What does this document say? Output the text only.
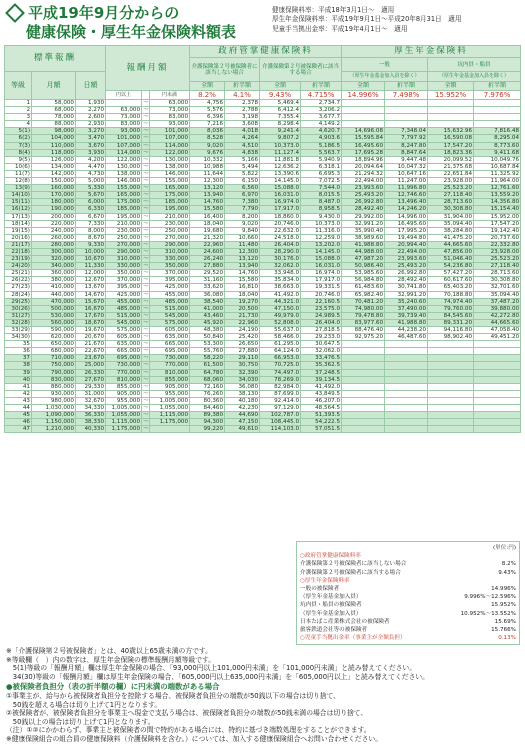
平成19年9月分からの
健康保険・厚生年金保険料額表
健康保険料率：平成18年3月1日～　適用
厚生年金保険料率：平成19年9月1日～平成20年8月31日　適用
児童手当拠出金率：平成19年4月1日～　適用
標準報酬			報酬月額			政府管掌健康保険料				厚生年金保険料			
						介護保険第２号被保険者に該当しない場合		介護保険第２号被保険者に該当する場合		一般		坑内員・船員	
等級	月額	日額								（厚生年金基金加入員を除く）		（厚生年金基金加入員を除く）	
						全額	折半額	全額	折半額	全額	折半額	全額	折半額
			円以上		円未満	8.2%	4.1%	9.43%	4.715%	14.996%	7.498%	15.952%	7.976%
1	58,000	1,930		～	63,000	4,756	2,378	5,469.4	2,734.7				
2	68,000	2,270	63,000	～	73,000	5,576	2,788	6,412.4	3,206.2				
3	78,000	2,600	73,000	～	83,000	6,396	3,198	7,355.4	3,677.7				
4	88,000	2,930	83,000	～	93,000	7,216	3,608	8,298.4	4,149.2				
5(1)	98,000	3,270	93,000	～	101,000	8,036	4,018	9,241.4	4,620.7	14,696.08	7,348.04	15,632.96	7,816.48
6(2)	104,000	3,470	101,000	～	107,000	8,528	4,264	9,807.2	4,903.6	15,595.84	7,797.92	16,590.08	8,295.04
7(3)	110,000	3,670	107,000	～	114,000	9,020	4,510	10,373.0	5,186.5	16,495.60	8,247.80	17,547.20	8,773.60
8(4)	118,000	3,930	114,000	～	122,000	9,676	4,838	11,127.4	5,563.7	17,695.28	8,847.64	18,823.36	9,411.68
9(5)	126,000	4,200	122,000	～	130,000	10,332	5,166	11,881.8	5,940.9	18,894.96	9,447.48	20,099.52	10,049.76
10(6)	134,000	4,470	130,000	～	138,000	10,988	5,494	12,636.2	6,318.1	20,094.64	10,047.32	21,375.68	10,687.84
11(7)	142,000	4,730	138,000	～	146,000	11,644	5,822	13,390.6	6,695.3	21,294.32	10,647.16	22,651.84	11,325.92
12(8)	150,000	5,000	146,000	～	155,000	12,300	6,150	14,145.0	7,072.5	22,494.00	11,247.00	23,928.00	11,964.00
13(9)	160,000	5,330	155,000	～	165,000	13,120	6,560	15,088.0	7,544.0	23,993.60	11,996.80	25,523.20	12,761.60
14(10)	170,000	5,670	165,000	～	175,000	13,940	6,970	16,031.0	8,015.5	25,493.20	12,746.60	27,118.40	13,559.20
15(11)	180,000	6,000	175,000	～	185,000	14,760	7,380	16,974.0	8,487.0	26,992.80	13,496.40	28,713.60	14,356.80
16(12)	190,000	6,330	185,000	～	195,000	15,580	7,790	17,917.0	8,958.5	28,492.40	14,246.20	30,308.80	15,154.40
17(13)	200,000	6,670	195,000	～	210,000	16,400	8,200	18,860.0	9,430.0	29,992.00	14,996.00	31,904.00	15,952.00
18(14)	220,000	7,330	210,000	～	230,000	18,040	9,020	20,746.0	10,373.0	32,991.20	16,495.60	35,094.40	17,547.20
19(15)	240,000	8,000	230,000	～	250,000	19,680	9,840	22,632.0	11,316.0	35,990.40	17,995.20	38,284.80	19,142.40
20(16)	260,000	8,670	250,000	～	270,000	21,320	10,660	24,518.0	12,259.0	38,989.60	19,494.80	41,475.20	20,737.60
21(17)	280,000	9,330	270,000	～	290,000	22,960	11,480	26,404.0	13,202.0	41,988.80	20,994.40	44,665.60	22,332.80
22(18)	300,000	10,000	290,000	～	310,000	24,600	12,300	28,290.0	14,145.0	44,988.00	22,494.00	47,856.00	23,928.00
23(19)	320,000	10,670	310,000	～	330,000	26,240	13,120	30,176.0	15,088.0	47,987.20	23,993.60	51,046.40	25,523.20
24(20)	340,000	11,330	330,000	～	350,000	27,880	13,940	32,062.0	16,031.0	50,986.40	25,493.20	54,236.80	27,118.40
25(21)	360,000	12,000	350,000	～	370,000	29,520	14,760	33,948.0	16,974.0	53,985.60	26,992.80	57,427.20	28,713.60
26(22)	380,000	12,670	370,000	～	395,000	31,160	15,580	35,834.0	17,917.0	56,984.80	28,492.40	60,617.60	30,308.80
27(23)	410,000	13,670	395,000	～	425,000	33,620	16,810	38,663.0	19,331.5	61,483.60	30,741.80	65,403.20	32,701.60
28(24)	440,000	14,670	425,000	～	455,000	36,080	18,040	41,492.0	20,746.0	65,982.40	32,991.20	70,188.80	35,094.40
29(25)	470,000	15,670	455,000	～	485,000	38,540	19,270	44,321.0	22,160.5	70,481.20	35,240.60	74,974.40	37,487.20
30(26)	500,000	16,670	485,000	～	515,000	41,000	20,500	47,150.0	23,575.0	74,980.00	37,490.00	79,760.00	39,880.00
31(27)	530,000	17,670	515,000	～	545,000	43,460	21,730	49,979.0	24,989.5	79,478.80	39,739.40	84,545.60	42,272.80
32(28)	560,000	18,670	545,000	～	575,000	45,920	22,960	52,808.0	26,404.0	83,977.60	41,988.80	89,331.20	44,665.60
33(29)	590,000	19,670	575,000	～	605,000	48,380	24,190	55,637.0	27,818.5	88,476.40	44,238.20	94,116.80	47,058.40
34(30)	620,000	20,670	605,000	～	635,000	50,840	25,420	58,466.0	29,233.0	92,975.20	46,487.60	98,902.40	49,451.20
35	650,000	21,670	635,000	～	665,000	53,300	26,650	61,295.0	30,647.5				
36	680,000	22,670	665,000	～	695,000	55,760	27,880	64,124.0	32,062.0				
37	710,000	23,670	695,000	～	730,000	58,220	29,110	66,953.0	33,476.5				
38	750,000	25,000	730,000	～	770,000	61,500	30,750	70,725.0	35,362.5				
39	790,000	26,330	770,000	～	810,000	64,780	32,390	74,497.0	37,248.5				
40	830,000	27,670	810,000	～	855,000	68,060	34,030	78,269.0	39,134.5				
41	880,000	29,330	855,000	～	905,000	72,160	36,080	82,984.0	41,492.0				
42	930,000	31,000	905,000	～	955,000	76,260	38,130	87,699.0	43,849.5				
43	980,000	32,670	955,000	～	1,005,000	80,360	40,180	92,414.0	46,207.0				
44	1,030,000	34,330	1,005,000	～	1,055,000	84,460	42,230	97,129.0	48,564.5				
45	1,090,000	36,330	1,055,000	～	1,115,000	89,380	44,690	102,787.0	51,393.5				
46	1,150,000	38,330	1,115,000	～	1,175,000	94,300	47,150	108,445.0	54,222.5				
47	1,210,000	40,330	1,175,000	～		99,220	49,610	114,103.0	57,051.5				
(単位:円)
○政府管掌健康保険料率
介護保険第２号被保険者に該当しない場合	8.2%
介護保険第２号被保険者に該当する場合	9.43%
○厚生年金保険料率
一般の被保険者	14.996%
（厚生年金基金加入員）	9.996%～12.596%
坑内員・船員の被保険者	15.952%
（厚生年金基金加入員）	10.952%～13.552%
日本たばこ産業株式会社の被保険者	15.69%
旅客鉄道会社等の被保険者	15.766%
○児童手当拠出金率（事業主が全額負担）	0.13%
※「介護保険第２号被保険者」とは、40歳以上65歳未満の方です。
※等級欄（　）内の数字は、厚生年金保険の標準報酬月額等級です。
　5(1)等級の「報酬月額」欄は厚生年金保険の場合、「93,000円以上101,000円未満」を「101,000円未満」と読み替えてください。
　34(30)等級の「報酬月額」欄は厚生年金保険の場合、「605,000円以上635,000円未満」を「605,000円以上」と読み替えてください。
●被保険者負担分（表の折半額の欄）に円未満の端数がある場合
①事業主が、給与から被保険者負担分を控除する場合、被保険者負担分の端数が50銭以下の場合は切り捨て、
　50銭を超える場合は切り上げて1円となります。
②被保険者が、被保険者負担分を事業主へ現金で支払う場合は、被保険者負担分の端数が50銭未満の場合は切り捨て、
　50銭以上の場合は切り上げて1円となります。
（注）①②にかかわらず、事業主と被保険者の間で特約がある場合には、特約に基づき端数処理をすることができます。
※健康保険組合の組合員の健康保険料（介護保険料を含む。）については、加入する健康保険組合へお問い合わせください。
